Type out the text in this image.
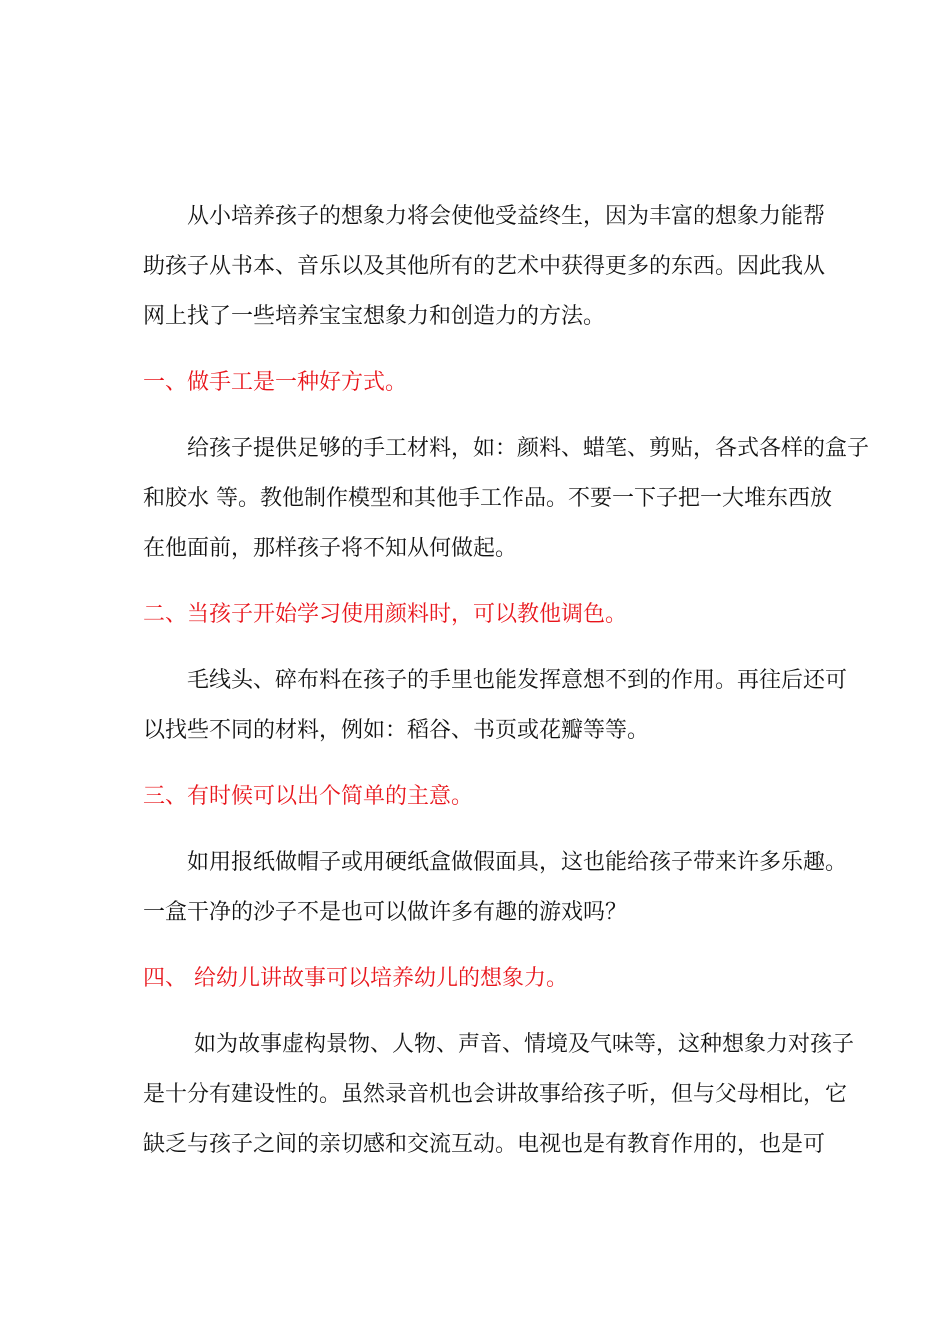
　　从小培养孩子的想象力将会使他受益终生，因为丰富的想象力能帮
助孩子从书本、音乐以及其他所有的艺术中获得更多的东西。因此我从
网上找了一些培养宝宝想象力和创造力的方法。

一、做手工是一种好方式。

　　给孩子提供足够的手工材料，如：颜料、蜡笔、剪贴，各式各样的盒子
和胶水 等。教他制作模型和其他手工作品。不要一下子把一大堆东西放
在他面前，那样孩子将不知从何做起。

二、当孩子开始学习使用颜料时，可以教他调色。

　　毛线头、碎布料在孩子的手里也能发挥意想不到的作用。再往后还可
以找些不同的材料，例如：稻谷、书页或花瓣等等。

三、有时候可以出个简单的主意。

　　如用报纸做帽子或用硬纸盒做假面具，这也能给孩子带来许多乐趣。
一盒干净的沙子不是也可以做许多有趣的游戏吗？

四、 给幼儿讲故事可以培养幼儿的想象力。

　　 如为故事虚构景物、人物、声音、情境及气味等，这种想象力对孩子
是十分有建设性的。虽然录音机也会讲故事给孩子听，但与父母相比，它
缺乏与孩子之间的亲切感和交流互动。电视也是有教育作用的，也是可
